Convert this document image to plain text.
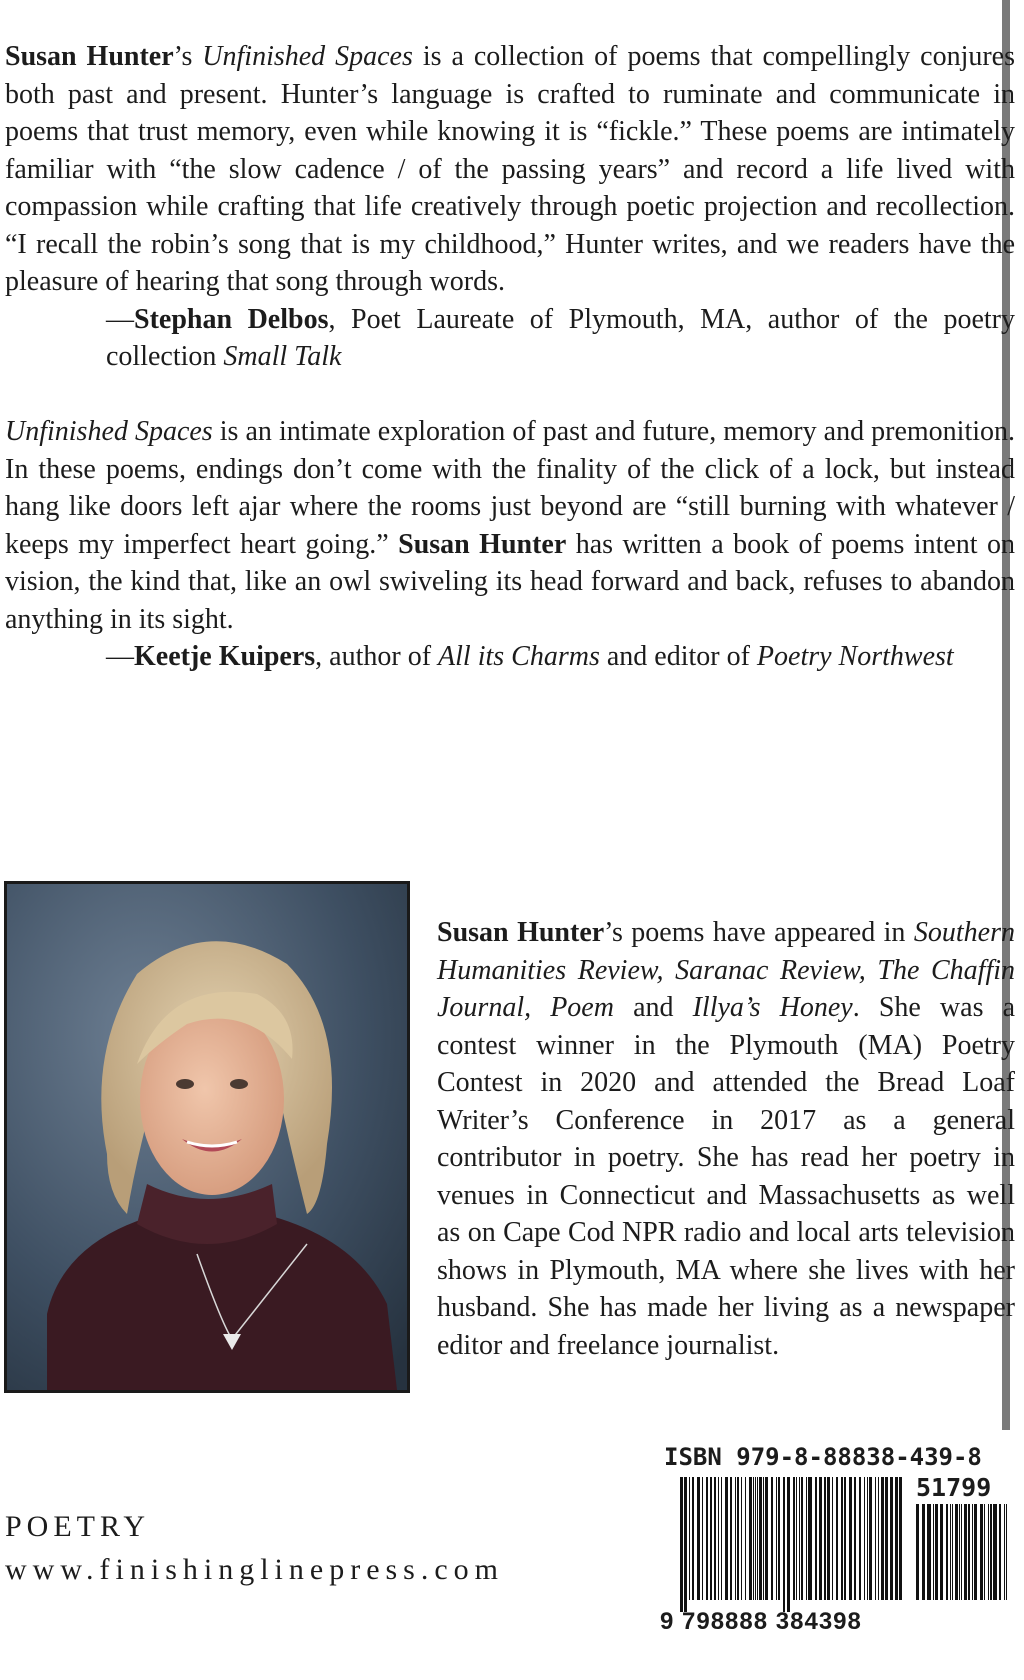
Susan Hunter’s Unfinished Spaces is a collection of poems that compellingly conjures both past and present. Hunter’s language is crafted to ruminate and communicate in poems that trust memory, even while knowing it is “fickle.” These poems are intimately familiar with “the slow cadence / of the passing years” and record a life lived with compassion while crafting that life creatively through poetic projection and recollection. “I recall the robin’s song that is my childhood,” Hunter writes, and we readers have the pleasure of hearing that song through words.

—Stephan Delbos, Poet Laureate of Plymouth, MA, author of the poetry collection Small Talk

Unfinished Spaces is an intimate exploration of past and future, memory and premonition. In these poems, endings don’t come with the finality of the click of a lock, but instead hang like doors left ajar where the rooms just beyond are “still burning with whatever / keeps my imperfect heart going.” Susan Hunter has written a book of poems intent on vision, the kind that, like an owl swiveling its head forward and back, refuses to abandon anything in its sight.

—Keetje Kuipers, author of All its Charms and editor of Poetry Northwest

Susan Hunter’s poems have appeared in Southern Humanities Review, Saranac Review, The Chaffin Journal, Poem and Illya’s Honey. She was a contest winner in the Plymouth (MA) Poetry Contest in 2020 and attended the Bread Loaf Writer’s Conference in 2017 as a general contributor in poetry. She has read her poetry in venues in Connecticut and Massachusetts as well as on Cape Cod NPR radio and local arts television shows in Plymouth, MA where she lives with her husband. She has made her living as a newspaper editor and freelance journalist.

POETRY
www.finishinglinepress.com
ISBN 979-8-88838-439-8
51799
9 798888 384398
